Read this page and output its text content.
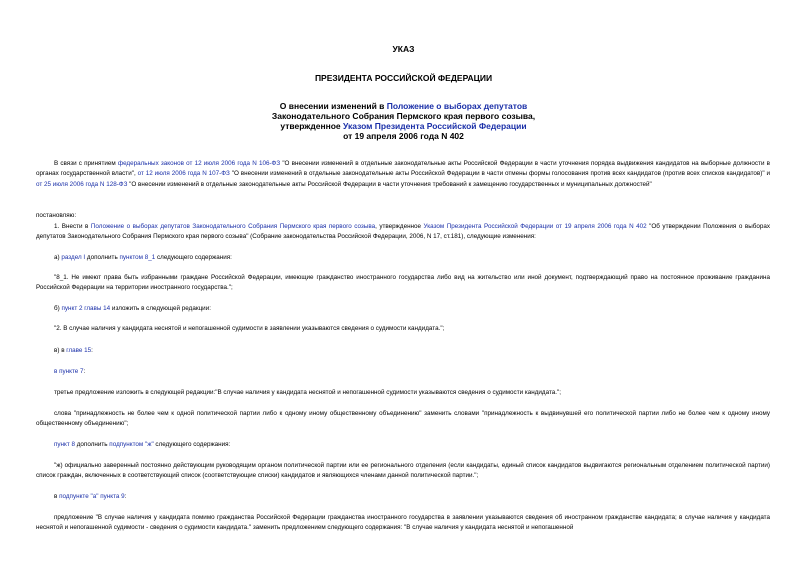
УКАЗ
ПРЕЗИДЕНТА РОССИЙСКОЙ ФЕДЕРАЦИИ
О внесении изменений в Положение о выборах депутатов
Законодательного Собрания Пермского края первого созыва,
утвержденное Указом Президента Российской Федерации
от 19 апреля 2006 года N 402
В связи с принятием федеральных законов от 12 июля 2006 года N 106-ФЗ "О внесении изменений в отдельные законодательные акты Российской Федерации в части уточнения порядка выдвижения кандидатов на выборные должности в органах государственной власти", от 12 июля 2006 года N 107-ФЗ "О внесении изменений в отдельные законодательные акты Российской Федерации в части отмены формы голосования против всех кандидатов (против всех списков кандидатов)" и от 25 июля 2006 года N 128-ФЗ "О внесении изменений в отдельные законодательные акты Российской Федерации в части уточнения требований к замещению государственных и муниципальных должностей"
постановляю:
1. Внести в Положение о выборах депутатов Законодательного Собрания Пермского края первого созыва, утвержденное Указом Президента Российской Федерации от 19 апреля 2006 года N 402 "Об утверждении Положения о выборах депутатов Законодательного Собрания Пермского края первого созыва" (Собрание законодательства Российской Федерации, 2006, N 17, ст.181), следующие изменения:
а) раздел I дополнить пунктом 8_1 следующего содержания:
"8_1. Не имеют права быть избранными граждане Российской Федерации, имеющие гражданство иностранного государства либо вид на жительство или иной документ, подтверждающий право на постоянное проживание гражданина Российской Федерации на территории иностранного государства.";
б) пункт 2 главы 14 изложить в следующей редакции:
"2. В случае наличия у кандидата неснятой и непогашенной судимости в заявлении указываются сведения о судимости кандидата.";
в) в главе 15:
в пункте 7:
третье предложение изложить в следующей редакции:"В случае наличия у кандидата неснятой и непогашенной судимости указываются сведения о судимости кандидата.";
слова "принадлежность не более чем к одной политической партии либо к одному иному общественному объединению" заменить словами "принадлежность к выдвинувшей его политической партии либо не более чем к одному иному общественному объединению";
пункт 8 дополнить подпунктом "ж" следующего содержания:
"ж) официально заверенный постоянно действующим руководящим органом политической партии или ее регионального отделения (если кандидаты, единый список кандидатов выдвигаются региональным отделением политической партии) список граждан, включенных в соответствующий список (соответствующие списки) кандидатов и являющихся членами данной политической партии.";
в подпункте "а" пункта 9:
предложение "В случае наличия у кандидата помимо гражданства Российской Федерации гражданства иностранного государства в заявлении указываются сведения об иностранном гражданстве кандидата; в случае наличия у кандидата неснятой и непогашенной судимости - сведения о судимости кандидата." заменить предложением следующего содержания: "В случае наличия у кандидата неснятой и непогашенной
